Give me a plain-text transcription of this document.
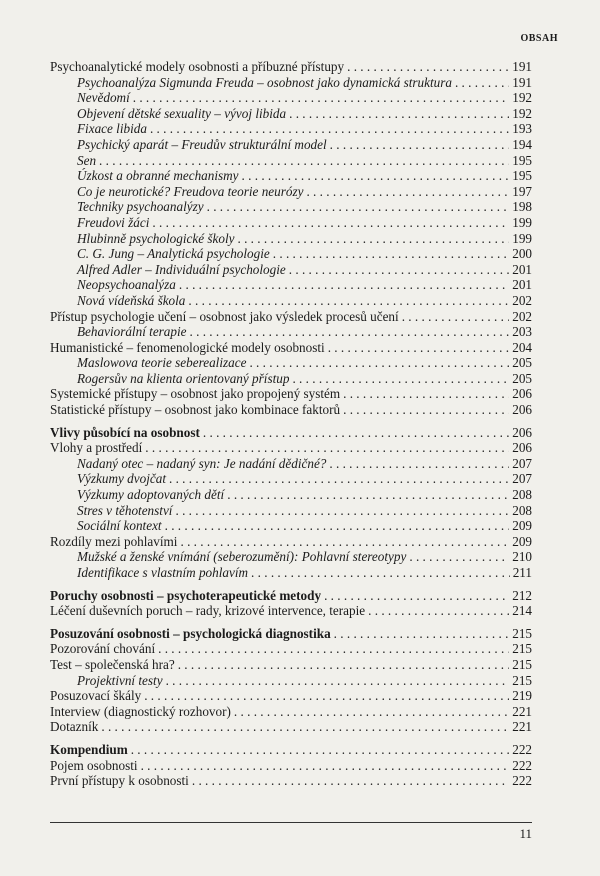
OBSAH
Psychoanalytické modely osobnosti a příbuzné přístupy . . .	191
Psychoanalýza Sigmunda Freuda – osobnost jako dynamická struktura . . .	191
Nevědomí . . .	192
Objevení dětské sexuality – vývoj libida . . .	192
Fixace libida . . .	193
Psychický aparát – Freudův strukturální model . . .	194
Sen . . .	195
Úzkost a obranné mechanismy . . .	195
Co je neurotické? Freudova teorie neurózy . . .	197
Techniky psychoanalýzy . . .	198
Freudovi žáci . . .	199
Hlubinně psychologické školy . . .	199
C. G. Jung – Analytická psychologie . . .	200
Alfred Adler – Individuální psychologie . . .	201
Neopsychoanalýza . . .	201
Nová vídeňská škola . . .	202
Přístup psychologie učení – osobnost jako výsledek procesů učení . . .	202
Behaviorální terapie . . .	203
Humanistické – fenomenologické modely osobnosti . . .	204
Maslowova teorie seberealizace . . .	205
Rogersův na klienta orientovaný přístup . . .	205
Systemické přístupy – osobnost jako propojený systém . . .	206
Statistické přístupy – osobnost jako kombinace faktorů . . .	206
Vlivy působící na osobnost . . .	206
Vlohy a prostředí . . .	206
Nadaný otec – nadaný syn: Je nadání dědičné? . . .	207
Výzkumy dvojčat . . .	207
Výzkumy adoptovaných dětí . . .	208
Stres v těhotenství . . .	208
Sociální kontext . . .	209
Rozdíly mezi pohlavími . . .	209
Mužské a ženské vnímání (seberozumění): Pohlavní stereotypy . . .	210
Identifikace s vlastním pohlavím . . .	211
Poruchy osobnosti – psychoterapeutické metody . . .	212
Léčení duševních poruch – rady, krizové intervence, terapie . . .	214
Posuzování osobnosti – psychologická diagnostika . . .	215
Pozorování chování . . .	215
Test – společenská hra? . . .	215
Projektivní testy . . .	215
Posuzovací škály . . .	219
Interview (diagnostický rozhovor) . . .	221
Dotazník . . .	221
Kompendium . . .	222
Pojem osobnosti . . .	222
První přístupy k osobnosti . . .	222
11
